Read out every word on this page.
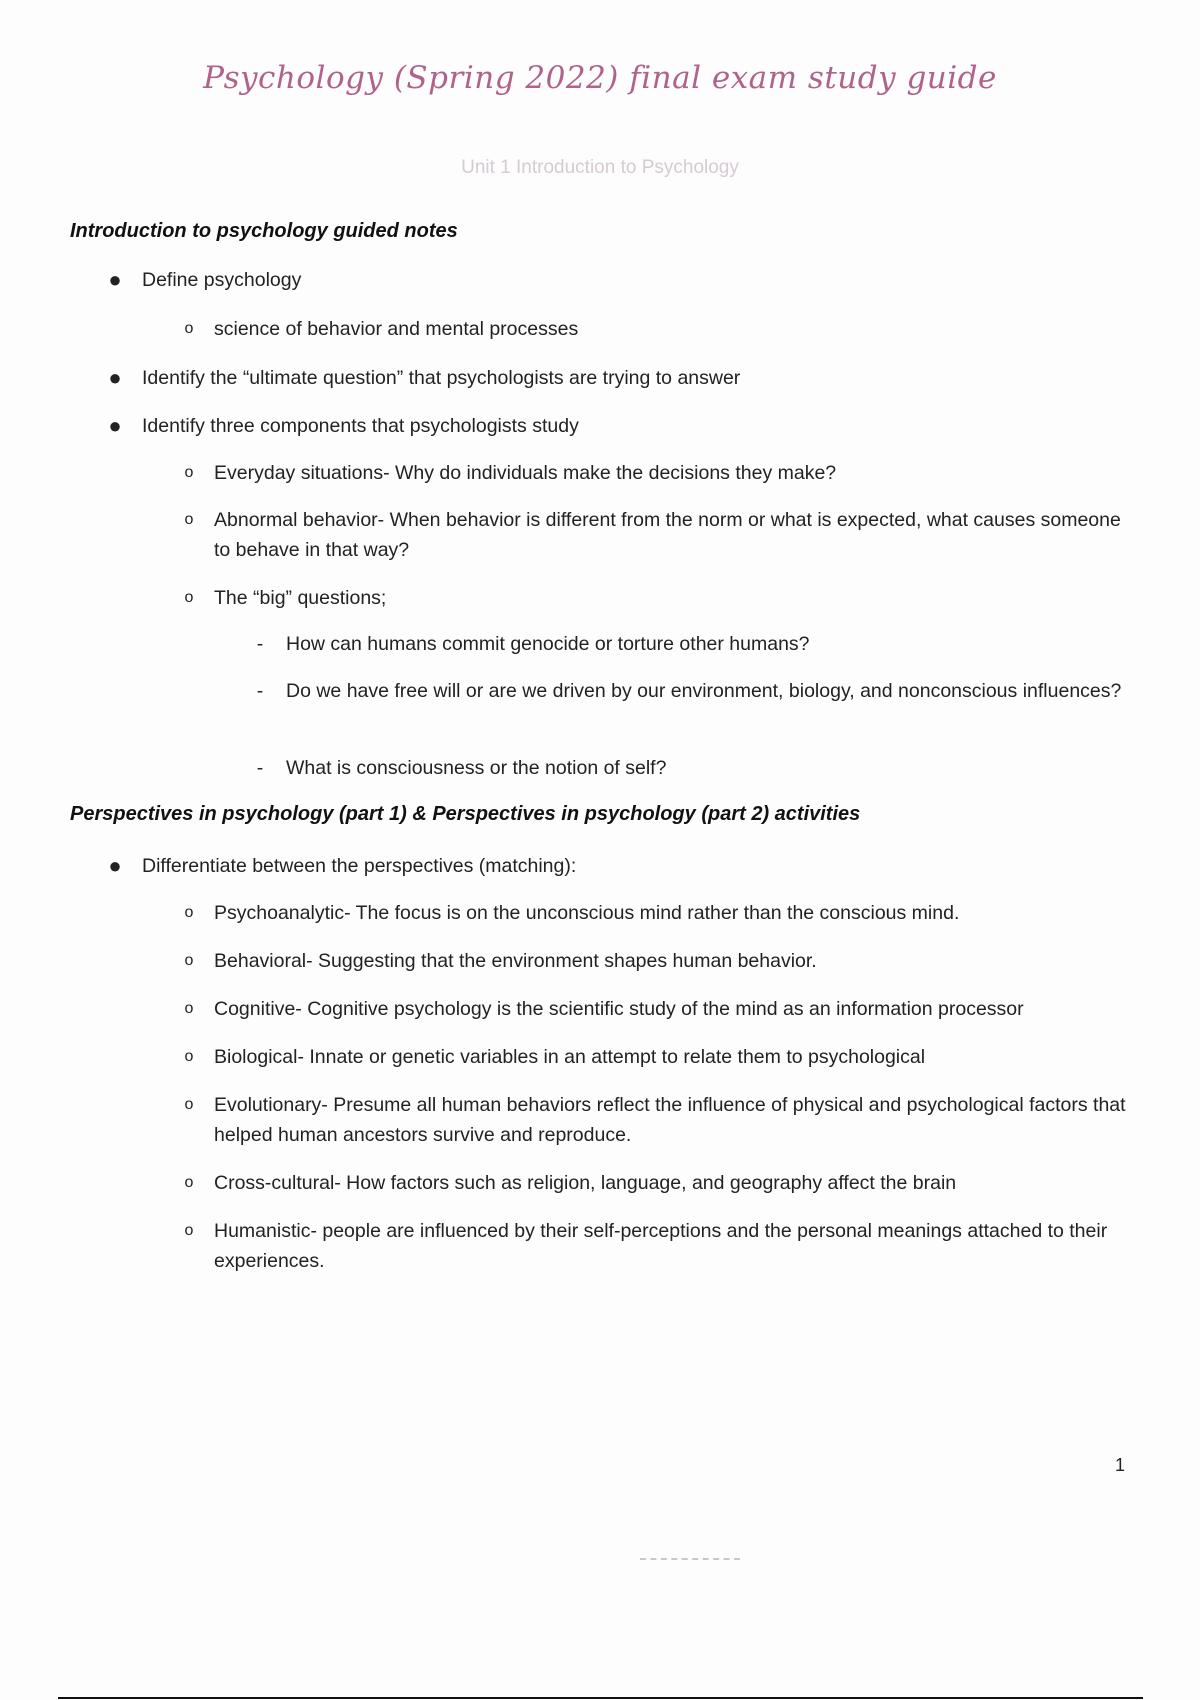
Psychology (Spring 2022) final exam study guide
Unit 1 Introduction to Psychology
Introduction to psychology guided notes
● Define psychology
o science of behavior and mental processes
● Identify the “ultimate question” that psychologists are trying to answer
● Identify three components that psychologists study
o Everyday situations- Why do individuals make the decisions they make?
o Abnormal behavior- When behavior is different from the norm or what is expected, what causes someone to behave in that way?
o The “big” questions;
-	How can humans commit genocide or torture other humans?
-	Do we have free will or are we driven by our environment, biology, and nonconscious influences?
-	What is consciousness or the notion of self?
Perspectives in psychology (part 1) & Perspectives in psychology (part 2) activities
● Differentiate between the perspectives (matching):
o Psychoanalytic- The focus is on the unconscious mind rather than the conscious mind.
o Behavioral- Suggesting that the environment shapes human behavior.
o Cognitive- Cognitive psychology is the scientific study of the mind as an information processor
o Biological- Innate or genetic variables in an attempt to relate them to psychological
o Evolutionary- Presume all human behaviors reflect the influence of physical and psychological factors that helped human ancestors survive and reproduce.
o Cross-cultural- How factors such as religion, language, and geography affect the brain
o Humanistic- people are influenced by their self-perceptions and the personal meanings attached to their experiences.
1
